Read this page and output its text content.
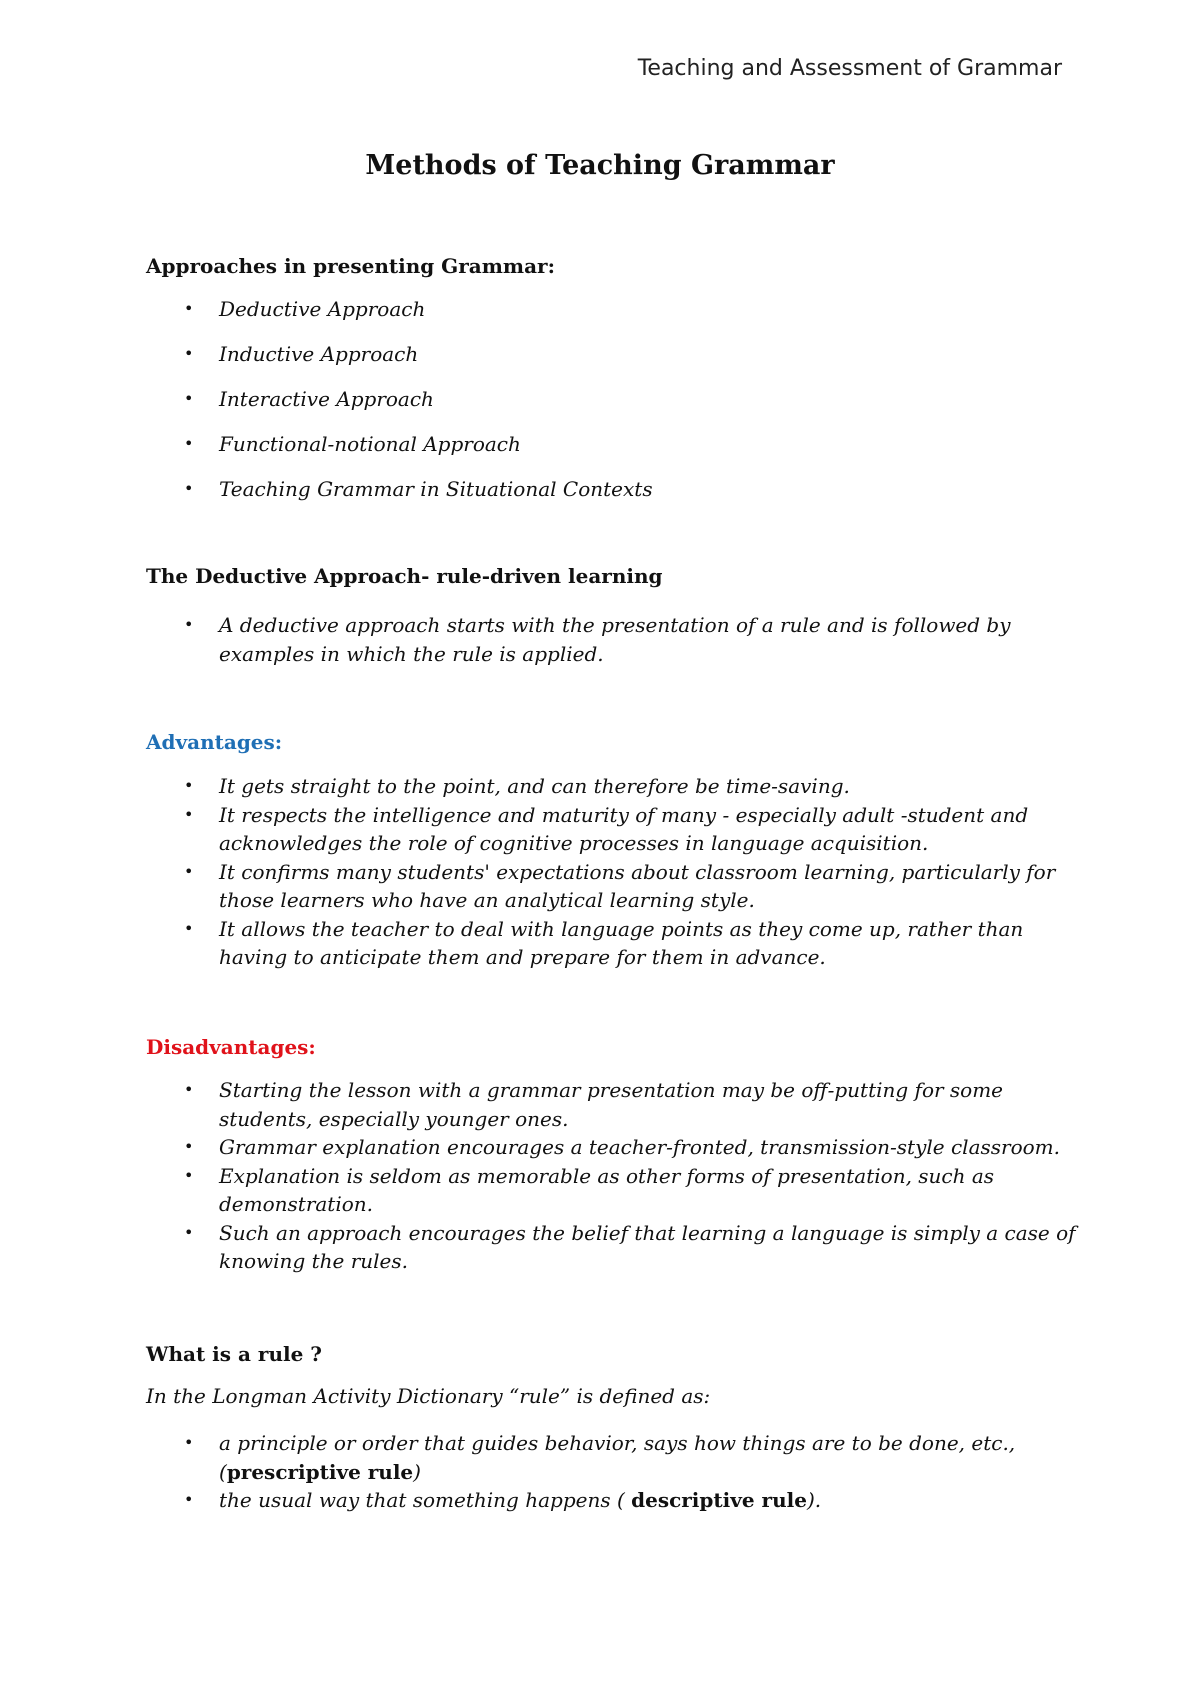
Teaching and Assessment of Grammar
Methods of Teaching Grammar
Approaches in presenting Grammar:
• Deductive Approach
• Inductive Approach
• Interactive Approach
• Functional-notional Approach
• Teaching Grammar in Situational Contexts
The Deductive Approach- rule-driven learning
• A deductive approach starts with the presentation of a rule and is followed by
examples in which the rule is applied.
Advantages:
• It gets straight to the point, and can therefore be time-saving.
• It respects the intelligence and maturity of many - especially adult -student and
acknowledges the role of cognitive processes in language acquisition.
• It confirms many students' expectations about classroom learning, particularly for
those learners who have an analytical learning style.
• It allows the teacher to deal with language points as they come up, rather than
having to anticipate them and prepare for them in advance.
Disadvantages:
• Starting the lesson with a grammar presentation may be off-putting for some
students, especially younger ones.
• Grammar explanation encourages a teacher-fronted, transmission-style classroom.
• Explanation is seldom as memorable as other forms of presentation, such as
demonstration.
• Such an approach encourages the belief that learning a language is simply a case of
knowing the rules.
What is a rule ?
In the Longman Activity Dictionary “rule” is defined as:
• a principle or order that guides behavior, says how things are to be done, etc.,
(prescriptive rule)
• the usual way that something happens ( descriptive rule).
